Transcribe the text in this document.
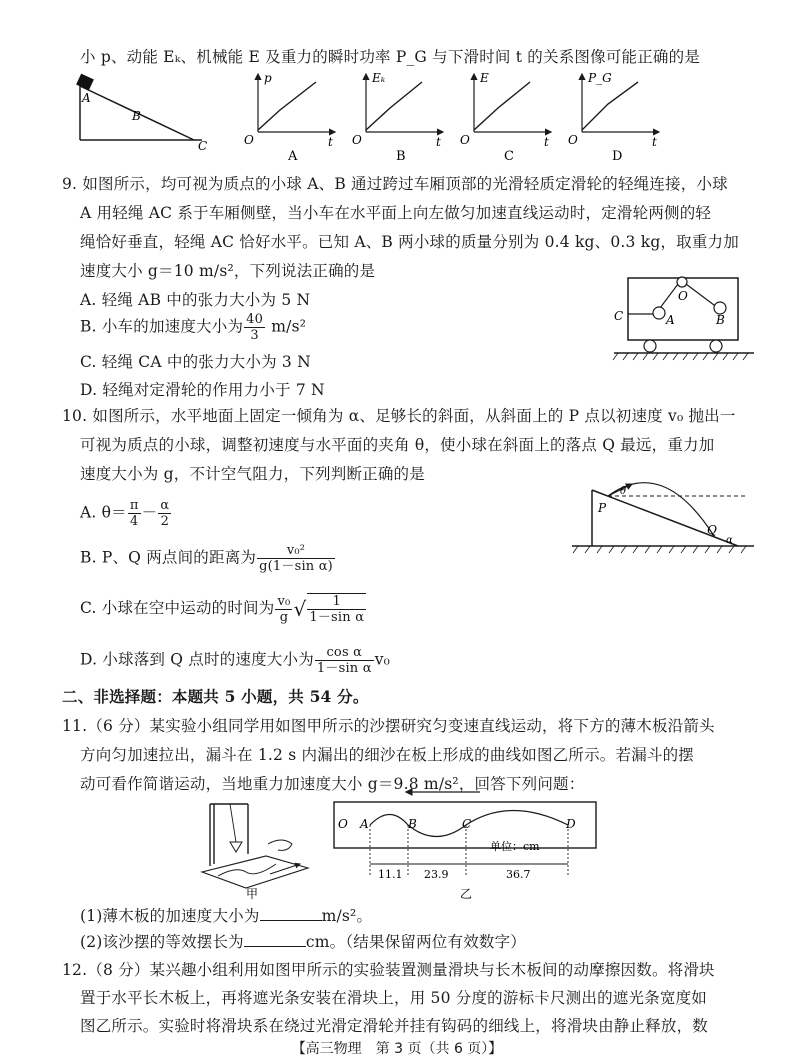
小 p、动能 Eₖ、机械能 E 及重力的瞬时功率 P_G 与下滑时间 t 的关系图像可能正确的是
A
B
C
p
t
O
A
Eₖ
t
O
B
E
t
O
C
P_G
t
O
D
9. 如图所示，均可视为质点的小球 A、B 通过跨过车厢顶部的光滑轻质定滑轮的轻绳连接，小球
A 用轻绳 AC 系于车厢侧壁，当小车在水平面上向左做匀加速直线运动时，定滑轮两侧的轻
绳恰好垂直，轻绳 AC 恰好水平。已知 A、B 两小球的质量分别为 0.4 kg、0.3 kg，取重力加
速度大小 g＝10 m/s²，下列说法正确的是
A. 轻绳 AB 中的张力大小为 5 N
B. 小车的加速度大小为 $\frac{40}{3} m/s^2$
C. 轻绳 CA 中的张力大小为 3 N
D. 轻绳对定滑轮的作用力小于 7 N
C
O
A	B
10. 如图所示，水平地面上固定一倾角为 α、足够长的斜面，从斜面上的 P 点以初速度 v₀ 抛出一
可视为质点的小球，调整初速度与水平面的夹角 θ，使小球在斜面上的落点 Q 最远，重力加
速度大小为 g，不计空气阻力，下列判断正确的是
A. $\theta= \frac{\pi}{4} - \frac{\alpha}{2}$
B. P、Q 两点间的距离为 $\frac{\text{v₀²}}{\text{g(1－sin α)}}$
C. 小球在空中运动的时间为 $\frac{\text{v₀}}{g}$ √ $\frac{1}{\text{1－sin α}}$
D. 小球落到 Q 点时的速度大小为 $\frac{\text{cos α}}{\text{1－sin α}} v_0$
P
Q
θ
α
二、非选择题：本题共 5 小题，共 54 分。
11.（6 分）某实验小组同学用如图甲所示的沙摆研究匀变速直线运动，将下方的薄木板沿箭头
方向匀加速拉出，漏斗在 1.2 s 内漏出的细沙在板上形成的曲线如图乙所示。若漏斗的摆
动可看作简谐运动，当地重力加速度大小 g＝9.8 m/s²，回答下列问题：
甲
O A	B	C	D
单位：cm
11.1 23.9	36.7
乙
(1)薄木板的加速度大小为	m/s²。
(2)该沙摆的等效摆长为	cm。（结果保留两位有效数字）
12.（8 分）某兴趣小组利用如图甲所示的实验装置测量滑块与长木板间的动摩擦因数。将滑块
置于水平长木板上，再将遮光条安装在滑块上，用 50 分度的游标卡尺测出的遮光条宽度如
图乙所示。实验时将滑块系在绕过光滑定滑轮并挂有钩码的细线上，将滑块由静止释放，数
【高三物理　第 3 页（共 6 页）】
